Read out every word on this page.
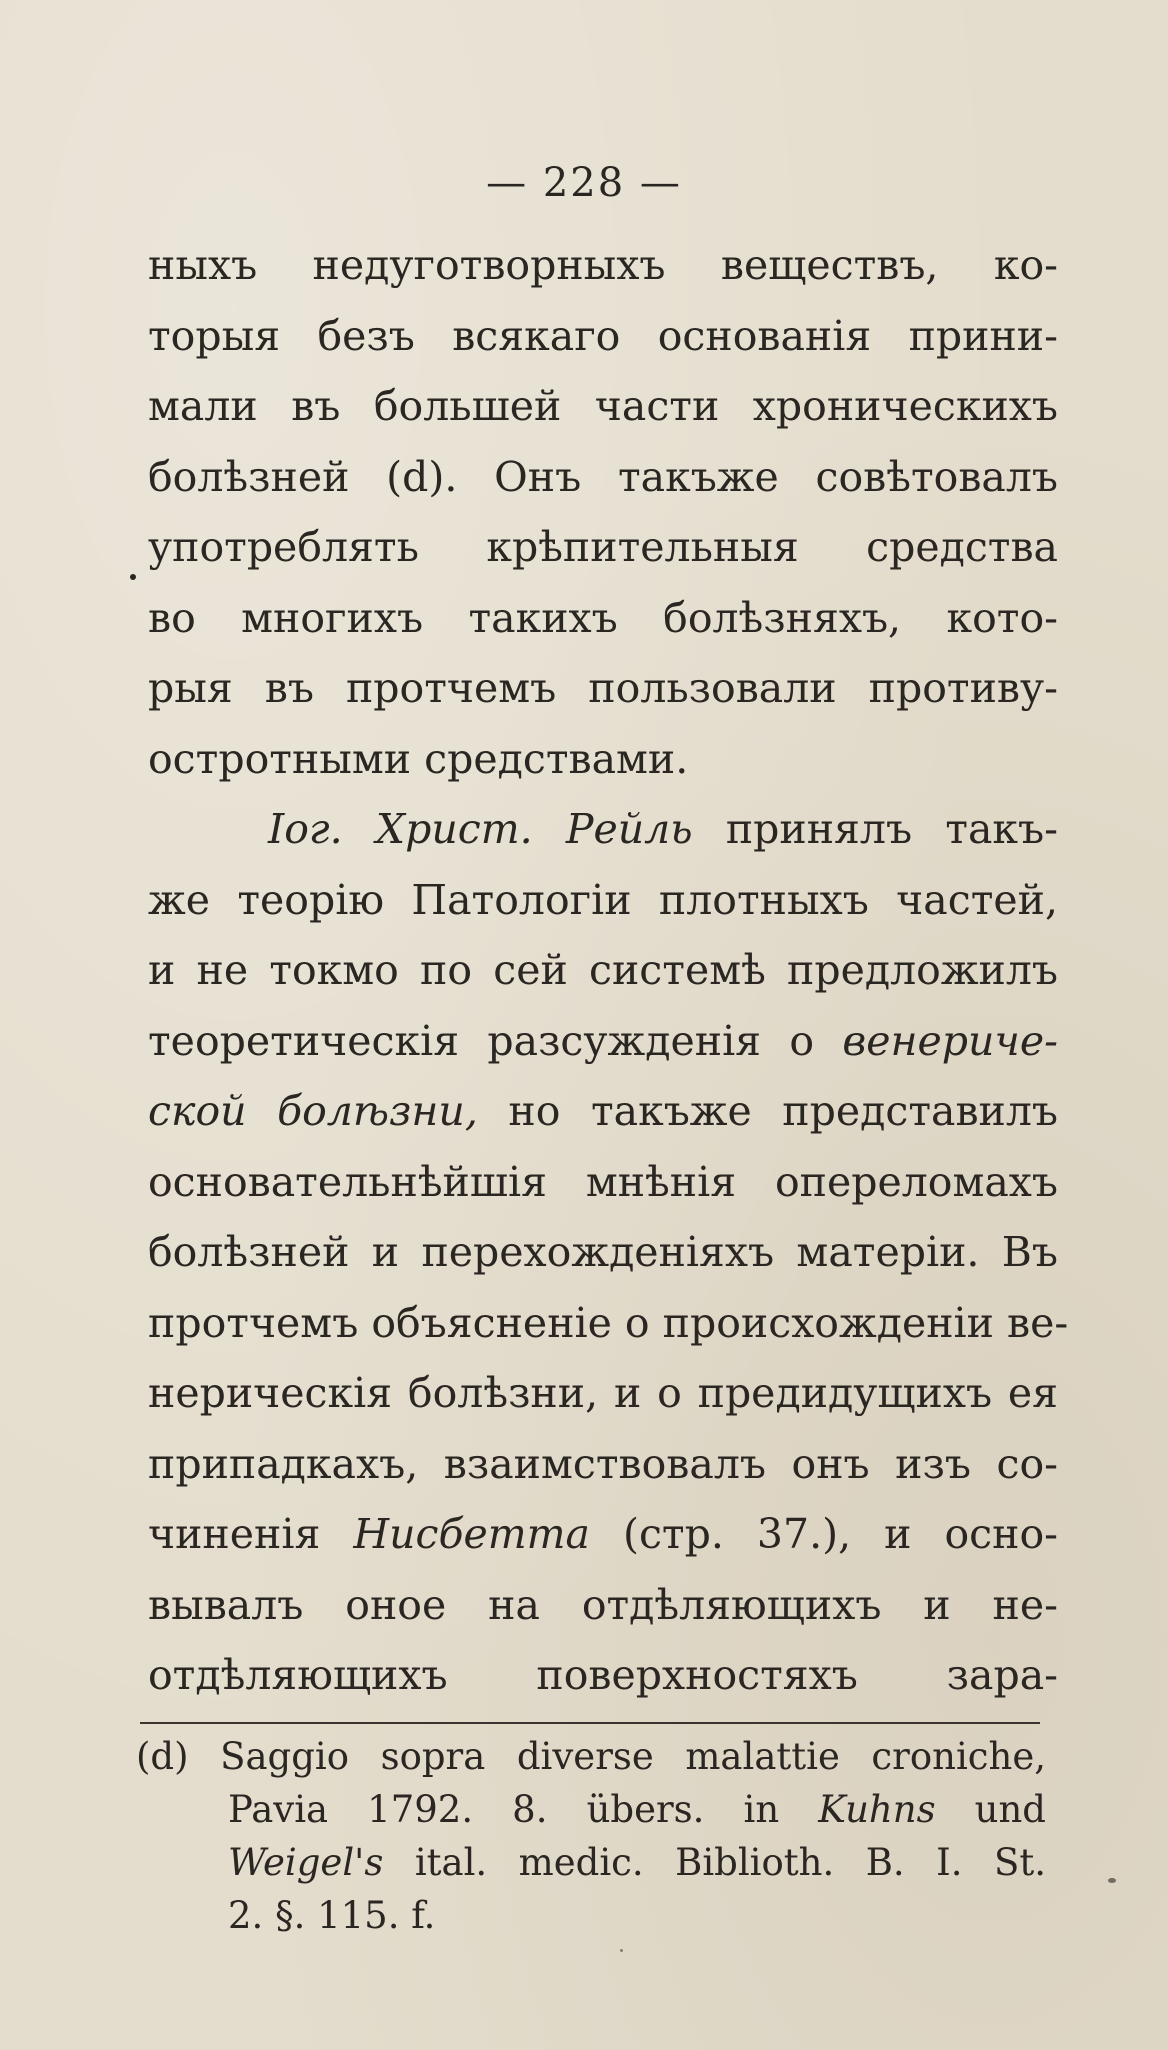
— 228 —
ныхъ недуготворныхъ веществъ, ко-
торыя безъ всякаго основанія прини-
мали въ большей части хроническихъ
болѣзней (d). Онъ такъже совѣтовалъ
употреблять крѣпительныя средства
во многихъ такихъ болѣзняхъ, кото-
рыя въ протчемъ пользовали противу-
остротными средствами.
Іог. Христ. Рейль принялъ такъ-
же теорію Патологіи плотныхъ частей,
и не токмо по сей системѣ предложилъ
теоретическія разсужденія о венериче-
ской болѣзни, но такъже представилъ
основательнѣйшія мнѣнія опереломахъ
болѣзней и перехожденіяхъ матеріи. Въ
протчемъ объясненіе о происхожденіи ве-
нерическія болѣзни, и о предидущихъ ея
припадкахъ, взаимствовалъ онъ изъ со-
чиненія Нисбетта (стр. 37.), и осно-
вывалъ оное на отдѣляющихъ и не-
отдѣляющихъ поверхностяхъ зара-
(d) Saggio sopra diverse malattie croniche,
Pavia 1792. 8. übers. in Kuhns und
Weigel's ital. medic. Biblioth. B. I. St.
2. §. 115. f.
